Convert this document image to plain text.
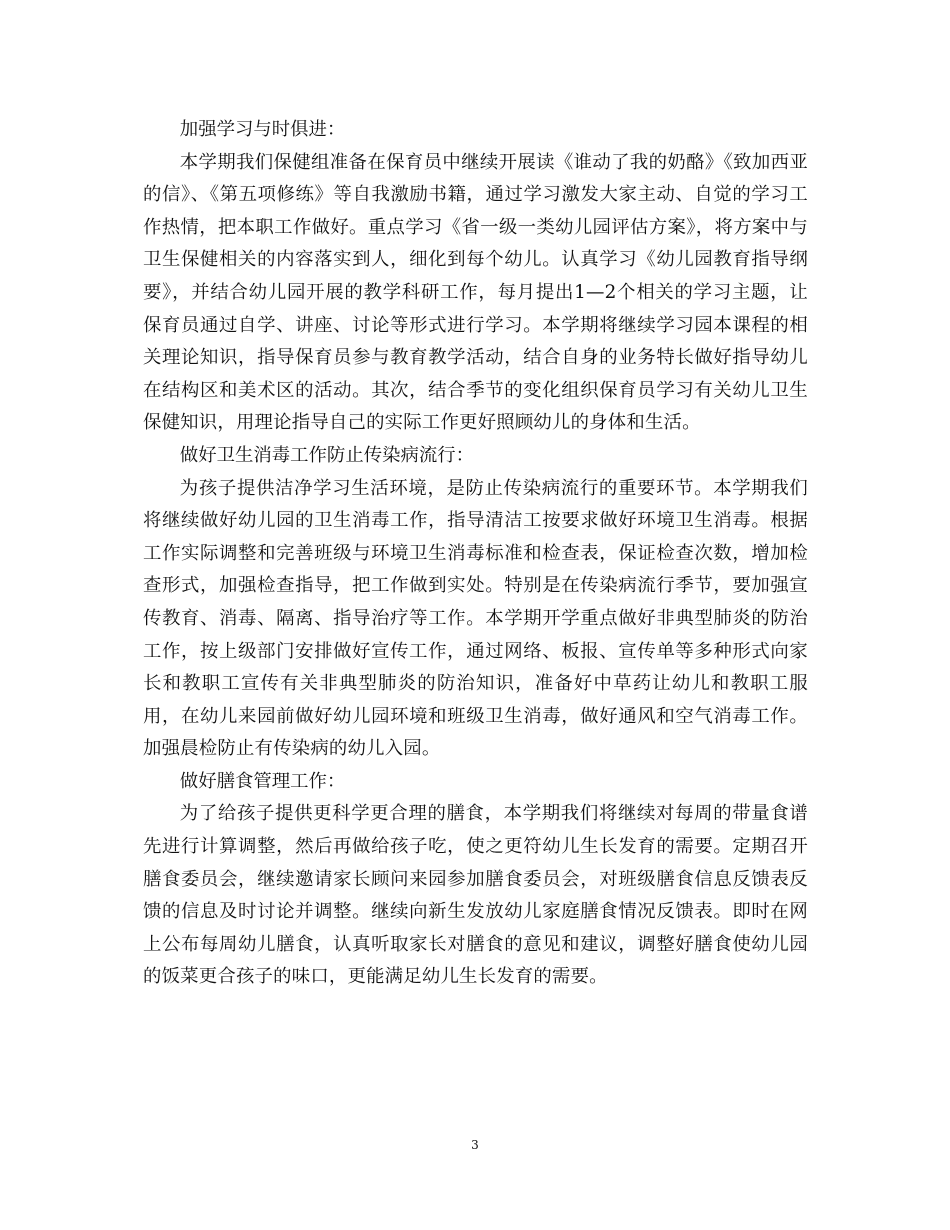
加强学习与时俱进：

本学期我们保健组准备在保育员中继续开展读《谁动了我的奶酪》《致加西亚的信》、《第五项修练》等自我激励书籍，通过学习激发大家主动、自觉的学习工作热情，把本职工作做好。重点学习《省一级一类幼儿园评估方案》，将方案中与卫生保健相关的内容落实到人，细化到每个幼儿。认真学习《幼儿园教育指导纲要》，并结合幼儿园开展的教学科研工作，每月提出1—2个相关的学习主题，让保育员通过自学、讲座、讨论等形式进行学习。本学期将继续学习园本课程的相关理论知识，指导保育员参与教育教学活动，结合自身的业务特长做好指导幼儿在结构区和美术区的活动。其次，结合季节的变化组织保育员学习有关幼儿卫生保健知识，用理论指导自己的实际工作更好照顾幼儿的身体和生活。

做好卫生消毒工作防止传染病流行：

为孩子提供洁净学习生活环境，是防止传染病流行的重要环节。本学期我们将继续做好幼儿园的卫生消毒工作，指导清洁工按要求做好环境卫生消毒。根据工作实际调整和完善班级与环境卫生消毒标准和检查表，保证检查次数，增加检查形式，加强检查指导，把工作做到实处。特别是在传染病流行季节，要加强宣传教育、消毒、隔离、指导治疗等工作。本学期开学重点做好非典型肺炎的防治工作，按上级部门安排做好宣传工作，通过网络、板报、宣传单等多种形式向家长和教职工宣传有关非典型肺炎的防治知识，准备好中草药让幼儿和教职工服用，在幼儿来园前做好幼儿园环境和班级卫生消毒，做好通风和空气消毒工作。加强晨检防止有传染病的幼儿入园。

做好膳食管理工作：

为了给孩子提供更科学更合理的膳食，本学期我们将继续对每周的带量食谱先进行计算调整，然后再做给孩子吃，使之更符幼儿生长发育的需要。定期召开膳食委员会，继续邀请家长顾问来园参加膳食委员会，对班级膳食信息反馈表反馈的信息及时讨论并调整。继续向新生发放幼儿家庭膳食情况反馈表。即时在网上公布每周幼儿膳食，认真听取家长对膳食的意见和建议，调整好膳食使幼儿园的饭菜更合孩子的味口，更能满足幼儿生长发育的需要。

3
